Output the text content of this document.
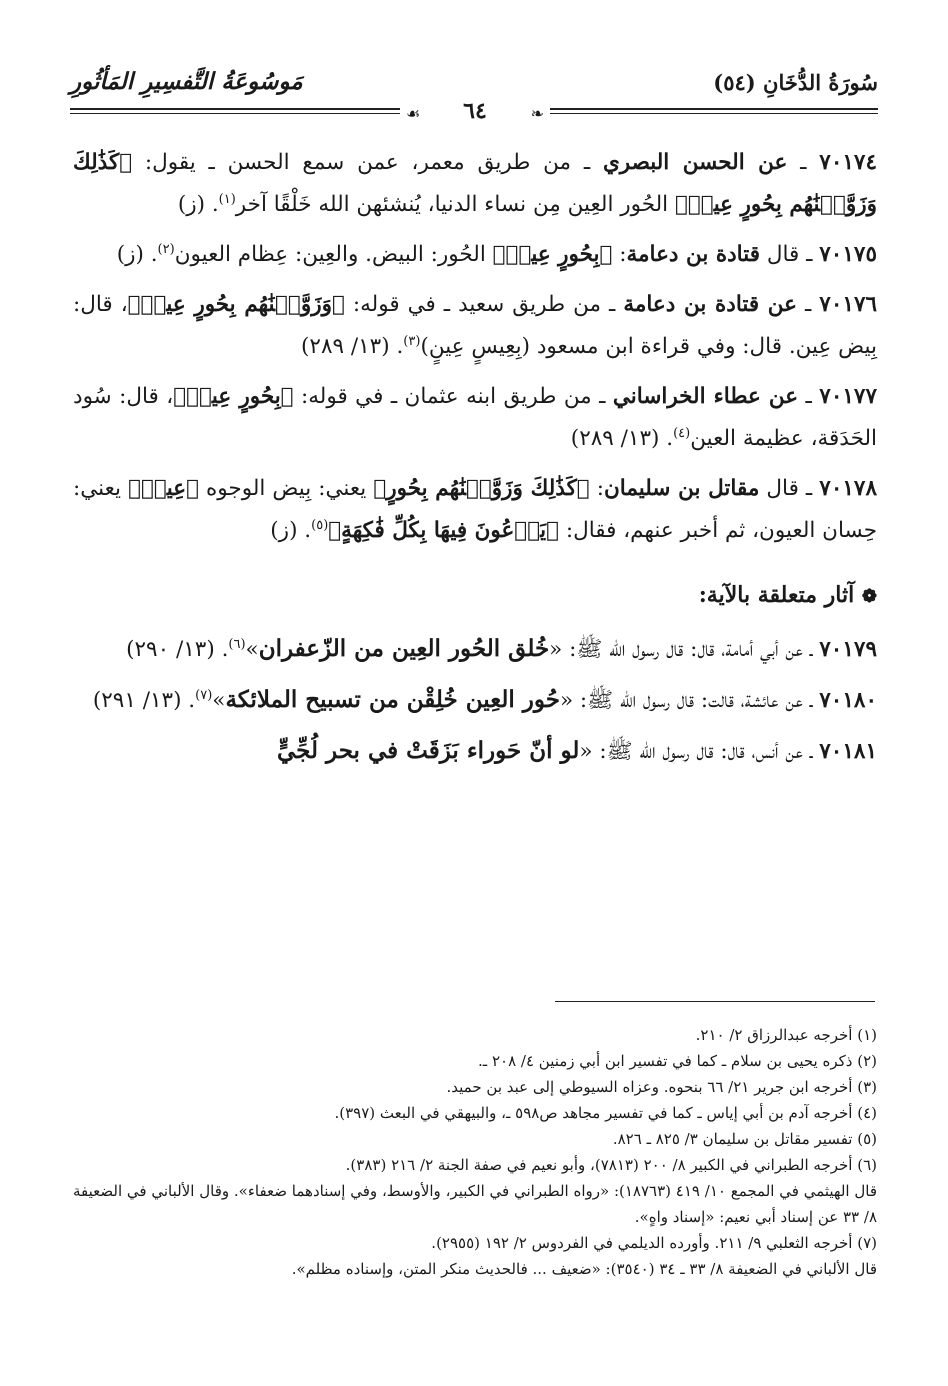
سُورَةُ الدُّخَانِ (٥٤)
مَوسُوعَةُ التَّفسِيرِ المَأثُورِ
❧
٦٤
☙

٧٠١٧٤ ـ عن الحسن البصري ـ من طريق معمر، عمن سمع الحسن ـ يقول: ﴿كَذَٰلِكَ وَزَوَّجۡنَٰهُم بِحُورٍ عِينٖ﴾ الحُور العِين مِن نساء الدنيا، يُنشئهن الله خَلْقًا آخر$^{(١)}$. (ز)

٧٠١٧٥ ـ قال قتادة بن دعامة: ﴿بِحُورٍ عِينٖ﴾ الحُور: البيض. والعِين: عِظام العيون$^{(٢)}$. (ز)

٧٠١٧٦ ـ عن قتادة بن دعامة ـ من طريق سعيد ـ في قوله: ﴿وَزَوَّجۡنَٰهُم بِحُورٍ عِينٖ﴾، قال: بِيض عِين. قال: وفي قراءة ابن مسعود (بِعِيسٍ عِينٍ)$^{(٣)}$. (١٣/ ٢٨٩)

٧٠١٧٧ ـ عن عطاء الخراساني ـ من طريق ابنه عثمان ـ في قوله: ﴿بِحُورٍ عِينٖ﴾، قال: سُود الحَدَقة، عظيمة العين$^{(٤)}$. (١٣/ ٢٨٩)

٧٠١٧٨ ـ قال مقاتل بن سليمان: ﴿كَذَٰلِكَ وَزَوَّجۡنَٰهُم بِحُورٍ﴾ يعني: بِيض الوجوه ﴿عِينٖ﴾ يعني: حِسان العيون، ثم أخبر عنهم، فقال: ﴿يَدۡعُونَ فِيهَا بِكُلِّ فَٰكِهَةٍ﴾$^{(٥)}$. (ز)

❁ آثار متعلقة بالآية:

٧٠١٧٩ ـ عن أبي أمامة، قال: قال رسول الله ﷺ: «خُلق الحُور العِين من الزّعفران»$^{(٦)}$. (١٣/ ٢٩٠)

٧٠١٨٠ ـ عن عائشة، قالت: قال رسول الله ﷺ: «حُور العِين خُلِقْن من تسبيح الملائكة»$^{(٧)}$. (١٣/ ٢٩١)

٧٠١٨١ ـ عن أنس، قال: قال رسول الله ﷺ: «لو أنّ حَوراء بَزَقَتْ في بحر لُجِّيٍّ

(١) أخرجه عبدالرزاق ٢/ ٢١٠.

(٢) ذكره يحيى بن سلام ـ كما في تفسير ابن أبي زمنين ٤/ ٢٠٨ ـ.

(٣) أخرجه ابن جرير ٢١/ ٦٦ بنحوه. وعزاه السيوطي إلى عبد بن حميد.

(٤) أخرجه آدم بن أبي إياس ـ كما في تفسير مجاهد ص٥٩٨ ـ، والبيهقي في البعث (٣٩٧).

(٥) تفسير مقاتل بن سليمان ٣/ ٨٢٥ ـ ٨٢٦.

(٦) أخرجه الطبراني في الكبير ٨/ ٢٠٠ (٧٨١٣)، وأبو نعيم في صفة الجنة ٢/ ٢١٦ (٣٨٣).

قال الهيثمي في المجمع ١٠/ ٤١٩ (١٨٧٦٣): «رواه الطبراني في الكبير، والأوسط، وفي إسنادهما ضعفاء». وقال الألباني في الضعيفة ٨/ ٣٣ عن إسناد أبي نعيم: «إسناد واهٍ».

(٧) أخرجه الثعلبي ٩/ ٢١١. وأورده الديلمي في الفردوس ٢/ ١٩٢ (٢٩٥٥).

قال الألباني في الضعيفة ٨/ ٣٣ ـ ٣٤ (٣٥٤٠): «ضعيف ... فالحديث منكر المتن، وإسناده مظلم».
